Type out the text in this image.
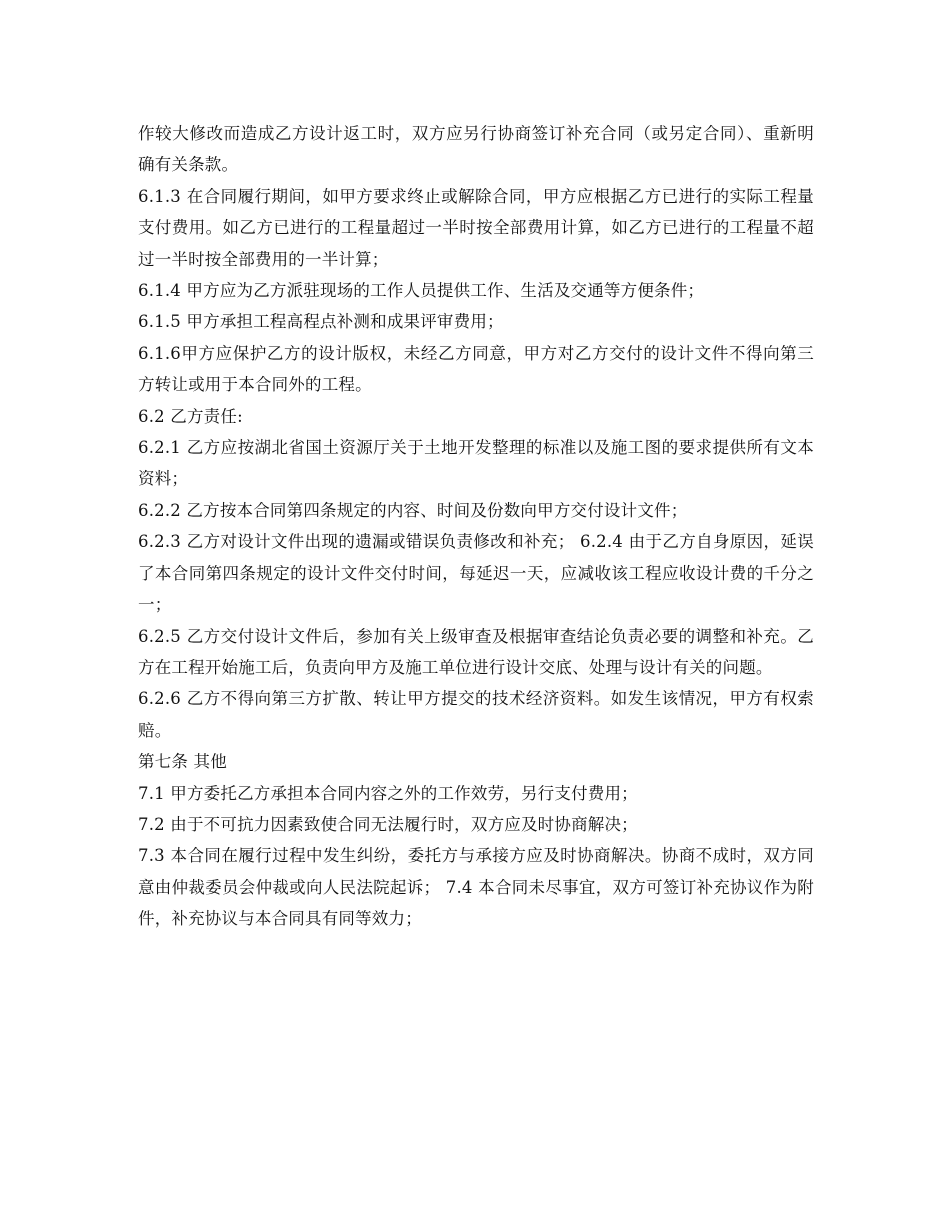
作较大修改而造成乙方设计返工时，双方应另行协商签订补充合同（或另定合同）、重新明确有关条款。

6.1.3 在合同履行期间，如甲方要求终止或解除合同，甲方应根据乙方已进行的实际工程量支付费用。如乙方已进行的工程量超过一半时按全部费用计算，如乙方已进行的工程量不超过一半时按全部费用的一半计算；

6.1.4 甲方应为乙方派驻现场的工作人员提供工作、生活及交通等方便条件；

6.1.5 甲方承担工程高程点补测和成果评审费用；

6.1.6甲方应保护乙方的设计版权，未经乙方同意，甲方对乙方交付的设计文件不得向第三方转让或用于本合同外的工程。

6.2 乙方责任:

6.2.1 乙方应按湖北省国土资源厅关于土地开发整理的标准以及施工图的要求提供所有文本资料；

6.2.2 乙方按本合同第四条规定的内容、时间及份数向甲方交付设计文件；

6.2.3 乙方对设计文件出现的遗漏或错误负责修改和补充； 6.2.4 由于乙方自身原因，延误了本合同第四条规定的设计文件交付时间，每延迟一天，应减收该工程应收设计费的千分之一；

6.2.5 乙方交付设计文件后，参加有关上级审查及根据审查结论负责必要的调整和补充。乙方在工程开始施工后，负责向甲方及施工单位进行设计交底、处理与设计有关的问题。

6.2.6 乙方不得向第三方扩散、转让甲方提交的技术经济资料。如发生该情况，甲方有权索赔。

第七条 其他

7.1 甲方委托乙方承担本合同内容之外的工作效劳，另行支付费用；

7.2 由于不可抗力因素致使合同无法履行时，双方应及时协商解决；

7.3 本合同在履行过程中发生纠纷，委托方与承接方应及时协商解决。协商不成时，双方同意由仲裁委员会仲裁或向人民法院起诉； 7.4 本合同未尽事宜，双方可签订补充协议作为附件，补充协议与本合同具有同等效力；
